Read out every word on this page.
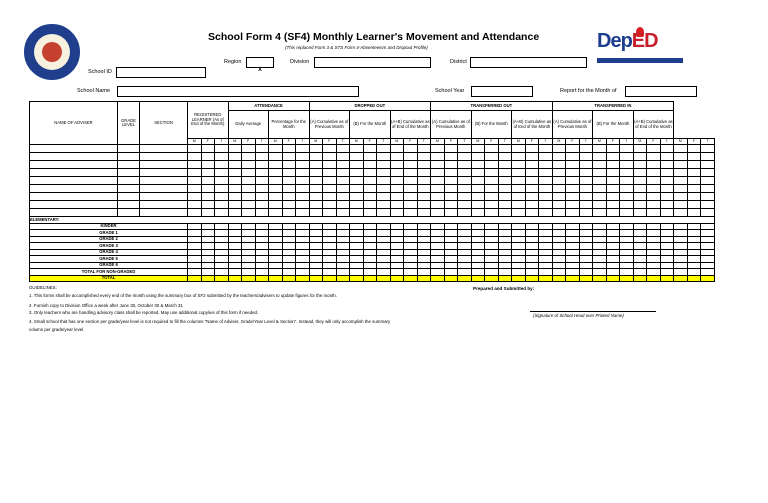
School Form 4 (SF4) Monthly Learner's Movement and Attendance
(This replaced Form 3 & STS Form 4-Absenteeism and Dropout Profile)	DepED
School ID
Region
X
Division	District
School Name	School Year	Report for the Month of
NAME OF ADVISER	GRADE LEVEL	SECTION	REGISTERED LEARNER (As of End of the Month)			ATTENDANCE						DROPPED OUT									TRANSFERRED OUT									TRANSFERRED IN											
						Daily Average			Percentage for the Month			(A) Cumulative as of Previous Month			(B) For the Month			(A+B) Cumulative as of End of the Month			(A) Cumulative as of Previous Month			(B) For the Month			(A+B) Cumulative as of End of the Month			(A) Cumulative as of Previous Month			(B) For the Month			(A+B) Cumulative as of End of the Month					
			M	F	T	M	F	T	M	F	T	M	F	T	M	F	T	M	F	T	M	F	T	M	F	T	M	F	T	M	F	T	M	F	T	M	F	T	M	F	T

ELEMENTARY:																																									
KINDER																																									
GRADE 1																																									
GRADE 2																																									
GRADE 3																																									
GRADE 4																																									
GRADE 5																																									
GRADE 6																																									
TOTAL FOR NON-GRADED																																									
TOTAL																																									
GUIDELINES:
1. This forms shall be accomplished every end of the month using the summary box of SF2 submitted by the teachers/advisers to update figures for the month.
2. Furnish copy to Division Office a week after June 30, October 30 & March 31
3. Only teachers who are handling advisory class shall be reported. May use additional copy/ies of this form if needed.
4. Small school that has one section per grade/year level is not required to fill the columns "Name of Adviser, Grade/Year Level & Section". Instead, they will only accomplish the summary
column per grade/year level.
Prepared and Submitted by:
(Signature of School Head over Printed Name)
